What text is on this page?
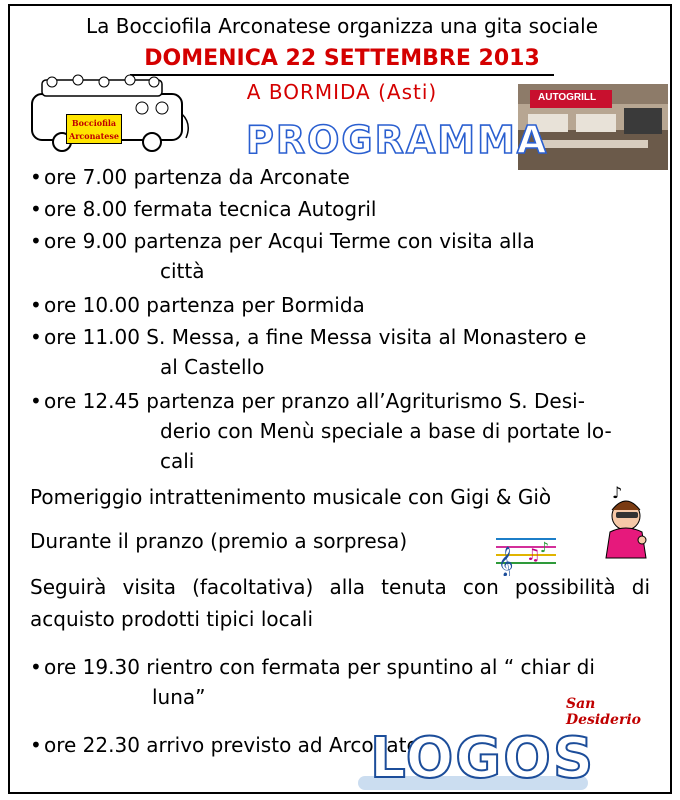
La Bocciofila Arconatese organizza una gita sociale
DOMENICA 22 SETTEMBRE 2013
A BORMIDA (Asti)
Bocciofila
Arconatese
AUTOGRILL
PROGRAMMA
• ore 7.00 partenza da Arconate
• ore 8.00 fermata tecnica Autogril
• ore 9.00 partenza per Acqui Terme con visita alla
città
• ore 10.00 partenza per Bormida
• ore 11.00 S. Messa, a fine Messa visita al Monastero e
al Castello
• ore 12.45 partenza per pranzo all’Agriturismo S. Desi-
derio con Menù speciale a base di portate lo-
cali
Pomeriggio intrattenimento musicale con Gigi & Giò
Durante il pranzo (premio a sorpresa)
Seguirà visita (facoltativa) alla tenuta con possibilità di
acquisto prodotti tipici locali
• ore 19.30 rientro con fermata per spuntino al “ chiar di
luna”
• ore 22.30 arrivo previsto ad Arconate
♪
𝄞 ♫ ♪
San Desiderio
LOGOS
